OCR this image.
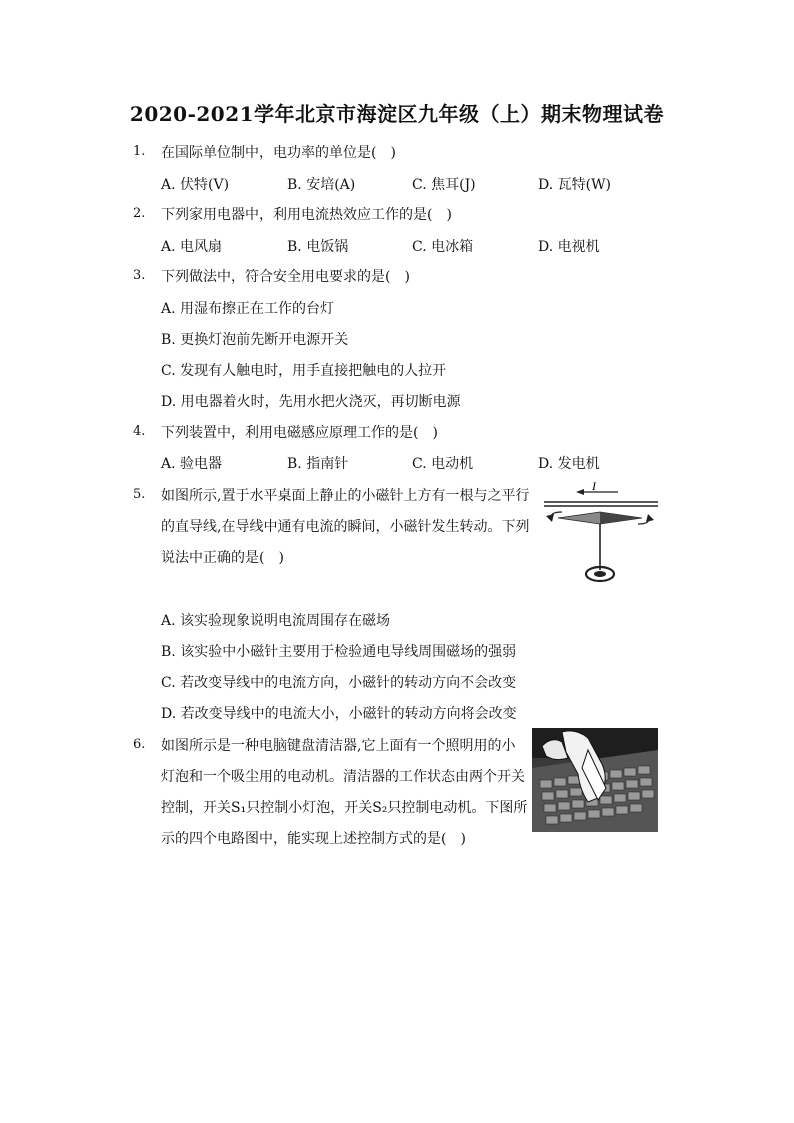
2020-2021学年北京市海淀区九年级（上）期末物理试卷
1. 在国际单位制中，电功率的单位是(　)
A. 伏特(V)	B. 安培(A)	C. 焦耳(J)	D. 瓦特(W)
2. 下列家用电器中，利用电流热效应工作的是(　)
A. 电风扇	B. 电饭锅	C. 电冰箱	D. 电视机
3. 下列做法中，符合安全用电要求的是(　)
A. 用湿布擦正在工作的台灯
B. 更换灯泡前先断开电源开关
C. 发现有人触电时，用手直接把触电的人拉开
D. 用电器着火时，先用水把火浇灭，再切断电源
4. 下列装置中，利用电磁感应原理工作的是(　)
A. 验电器	B. 指南针	C. 电动机	D. 发电机
5. 如图所示,置于水平桌面上静止的小磁针上方有一根与之平行
的直导线,在导线中通有电流的瞬间，小磁针发生转动。下列
说法中正确的是(　)
I
A. 该实验现象说明电流周围存在磁场
B. 该实验中小磁针主要用于检验通电导线周围磁场的强弱
C. 若改变导线中的电流方向，小磁针的转动方向不会改变
D. 若改变导线中的电流大小，小磁针的转动方向将会改变
6. 如图所示是一种电脑键盘清洁器,它上面有一个照明用的小
灯泡和一个吸尘用的电动机。清洁器的工作状态由两个开关
控制，开关S₁只控制小灯泡，开关S₂只控制电动机。下图所
示的四个电路图中，能实现上述控制方式的是(　)
